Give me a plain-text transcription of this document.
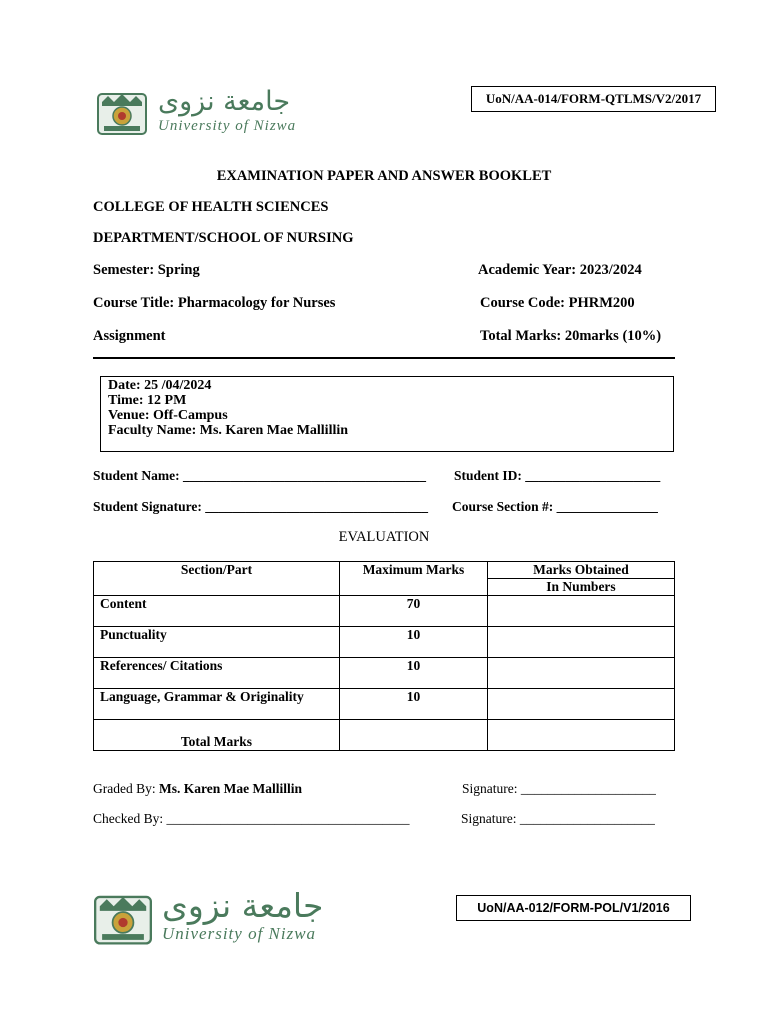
جامعة نزوى
University of Nizwa
UoN/AA-014/FORM-QTLMS/V2/2017
EXAMINATION PAPER AND ANSWER BOOKLET
COLLEGE OF HEALTH SCIENCES
DEPARTMENT/SCHOOL OF NURSING
Semester: Spring	Academic Year: 2023/2024
Course Title: Pharmacology for Nurses	Course Code: PHRM200
Assignment	Total Marks: 20marks (10%)
Date: 25 /04/2024
Time: 12 PM
Venue: Off-Campus
Faculty Name: Ms. Karen Mae Mallillin
Student Name: ____________________________________ Student ID: ____________________
Student Signature: _________________________________ Course Section #: _______________
EVALUATION
Section/Part	Maximum Marks	Marks Obtained
In Numbers

Content	70	
Punctuality	10	
References/ Citations	10	
Language, Grammar & Originality	10	
Total Marks		
Graded By: Ms. Karen Mae Mallillin	Signature: ____________________
Checked By: ____________________________________	Signature: ____________________
جامعة نزوى
University of Nizwa
UoN/AA-012/FORM-POL/V1/2016
